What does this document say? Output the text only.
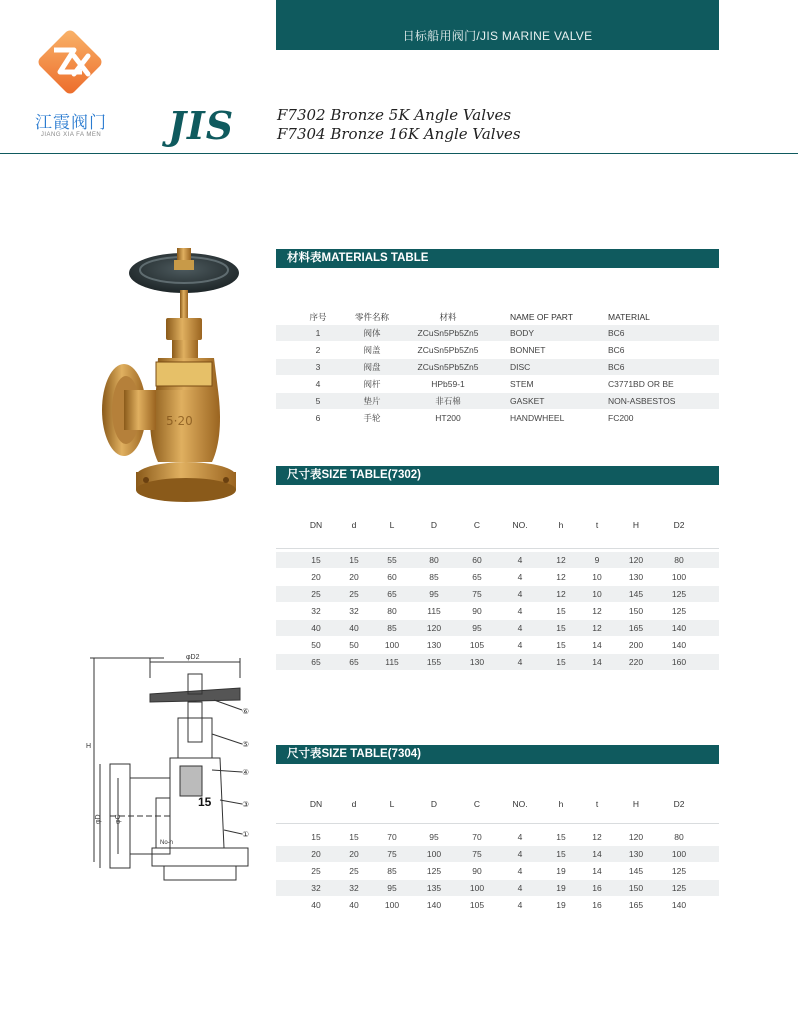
日标船用阀门/JIS MARINE VALVE
江霞阀门
JIANG XIA FA MEN	JIS	F7302 Bronze 5K Angle Valves
F7304 Bronze 16K Angle Valves
5·20
φD2
H
φD φC
15
No-h
⑥
⑤
④
③
①
材料表MATERIALS TABLE
序号	零件名称	材料	NAME OF PART	MATERIAL
1	阀体	ZCuSn5Pb5Zn5	BODY	BC6
2	阀盖	ZCuSn5Pb5Zn5	BONNET	BC6
3	阀盘	ZCuSn5Pb5Zn5	DISC	BC6
4	阀杆	HPb59-1	STEM	C3771BD OR BE
5	垫片	非石棉	GASKET	NON-ASBESTOS
6	手轮	HT200	HANDWHEEL	FC200
尺寸表SIZE TABLE(7302)
DN	d	L	D	C	NO.	h	t	H	D2
15	15	55	80	60	4	12	9	120	80
20	20	60	85	65	4	12	10	130	100
25	25	65	95	75	4	12	10	145	125
32	32	80	115	90	4	15	12	150	125
40	40	85	120	95	4	15	12	165	140
50	50	100	130	105	4	15	14	200	140
65	65	115	155	130	4	15	14	220	160
尺寸表SIZE TABLE(7304)
DN	d	L	D	C	NO.	h	t	H	D2
15	15	70	95	70	4	15	12	120	80
20	20	75	100	75	4	15	14	130	100
25	25	85	125	90	4	19	14	145	125
32	32	95	135	100	4	19	16	150	125
40	40	100	140	105	4	19	16	165	140
